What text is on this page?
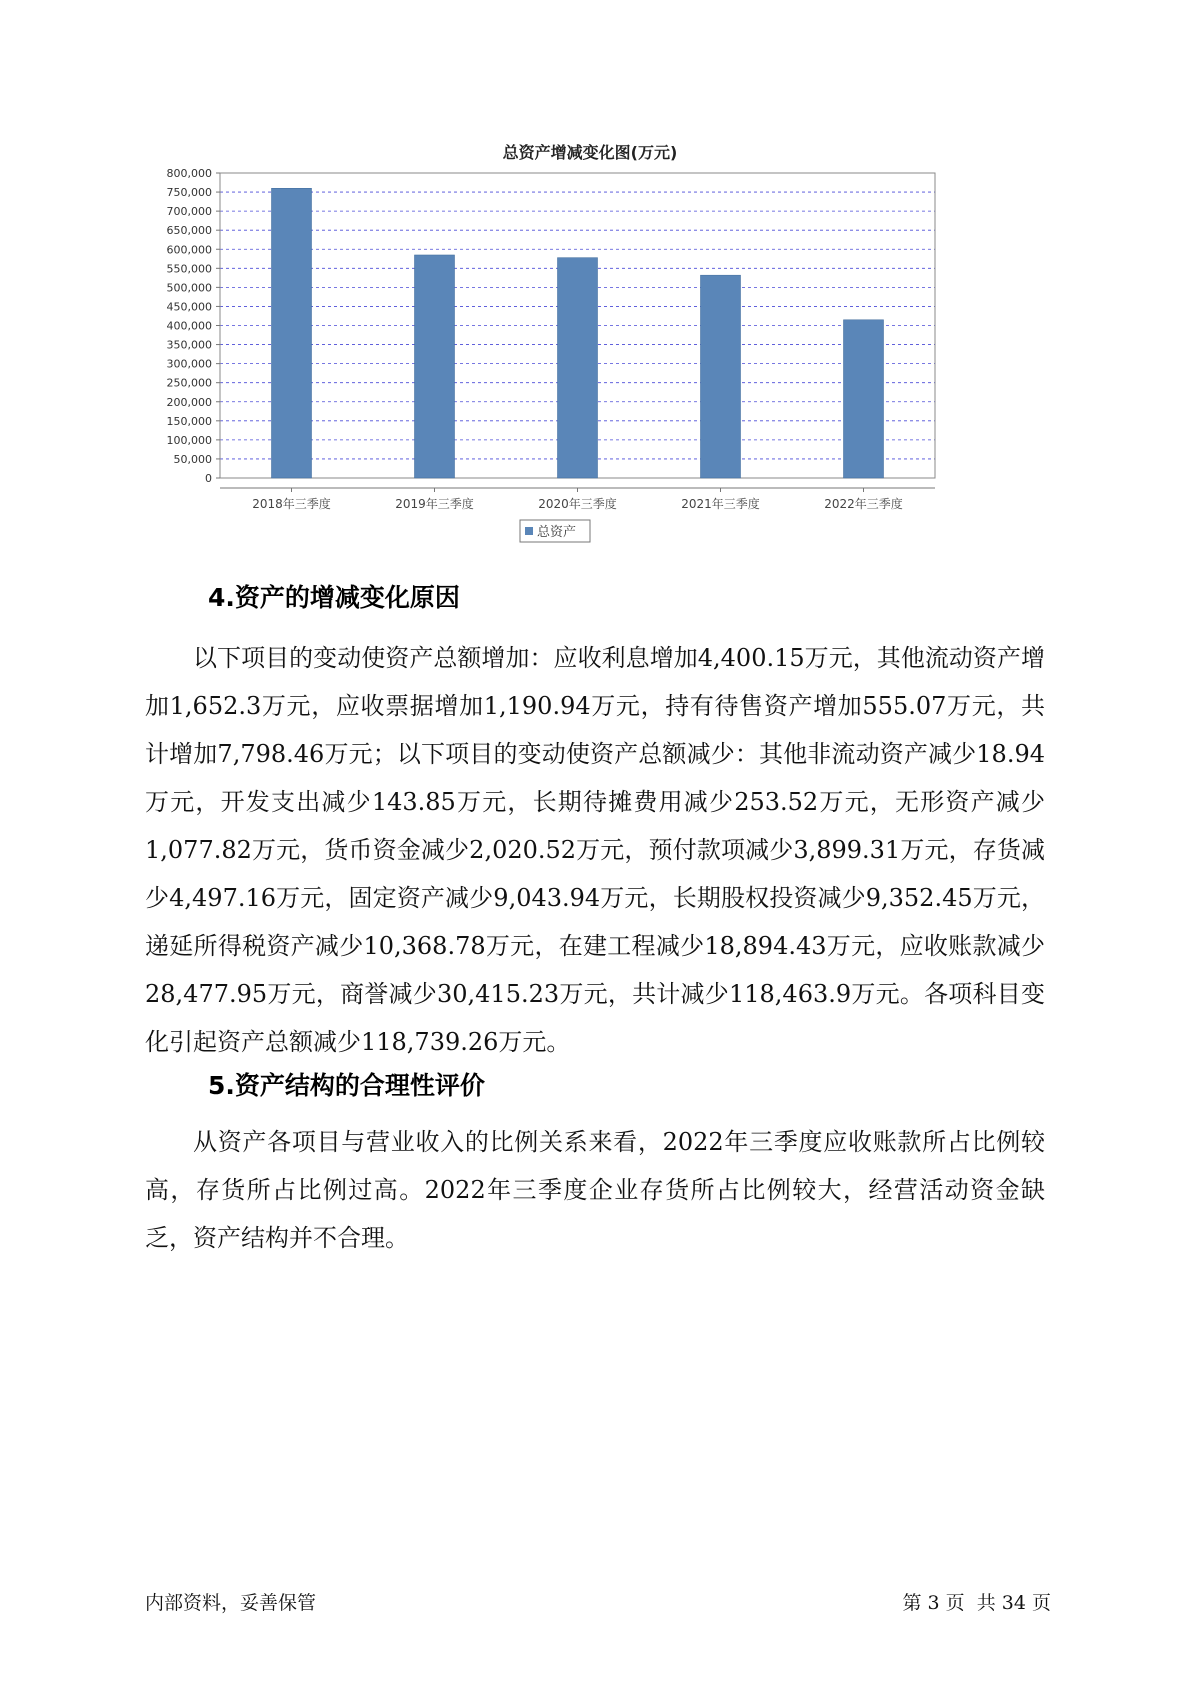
总资产增减变化图(万元)
0
50,000
100,000
150,000
200,000
250,000
300,000
350,000
400,000
450,000
500,000
550,000
600,000
650,000
700,000
750,000
800,000
2018年三季度	2019年三季度	2020年三季度	2021年三季度	2022年三季度
总资产
4.资产的增减变化原因

以下项目的变动使资产总额增加：应收利息增加4,400.15万元，其他流动资产增加1,652.3万元，应收票据增加1,190.94万元，持有待售资产增加555.07万元，共计增加7,798.46万元；以下项目的变动使资产总额减少：其他非流动资产减少18.94万元，开发支出减少143.85万元，长期待摊费用减少253.52万元，无形资产减少1,077.82万元，货币资金减少2,020.52万元，预付款项减少3,899.31万元，存货减少4,497.16万元，固定资产减少9,043.94万元，长期股权投资减少9,352.45万元，递延所得税资产减少10,368.78万元，在建工程减少18,894.43万元，应收账款减少28,477.95万元，商誉减少30,415.23万元，共计减少118,463.9万元。各项科目变化引起资产总额减少118,739.26万元。

5.资产结构的合理性评价

从资产各项目与营业收入的比例关系来看，2022年三季度应收账款所占比例较高，存货所占比例过高。2022年三季度企业存货所占比例较大，经营活动资金缺乏，资产结构并不合理。

内部资料，妥善保管	第 3 页  共 34 页
